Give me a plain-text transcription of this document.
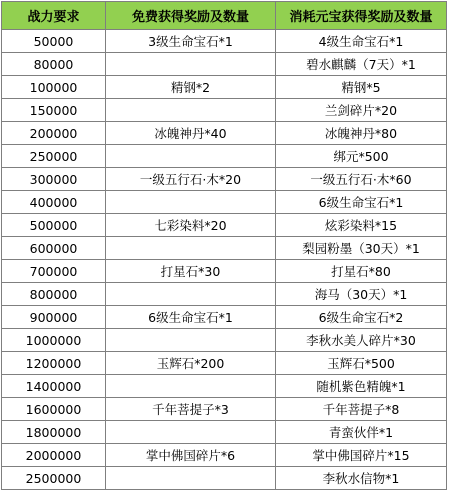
战力要求	免费获得奖励及数量	消耗元宝获得奖励及数量
50000	3级生命宝石*1	4级生命宝石*1
80000		碧水麒麟（7天）*1
100000	精钢*2	精钢*5
150000		兰剑碎片*20
200000	冰魄神丹*40	冰魄神丹*80
250000		绑元*500
300000	一级五行石·木*20	一级五行石·木*60
400000		6级生命宝石*1
500000	七彩染料*20	炫彩染料*15
600000		梨园粉墨（30天）*1
700000	打星石*30	打星石*80
800000		海马（30天）*1
900000	6级生命宝石*1	6级生命宝石*2
1000000		李秋水美人碎片*30
1200000	玉辉石*200	玉辉石*500
1400000		随机紫色精魄*1
1600000	千年菩提子*3	千年菩提子*8
1800000		青蛮伙伴*1
2000000	掌中佛国碎片*6	掌中佛国碎片*15
2500000		李秋水信物*1
